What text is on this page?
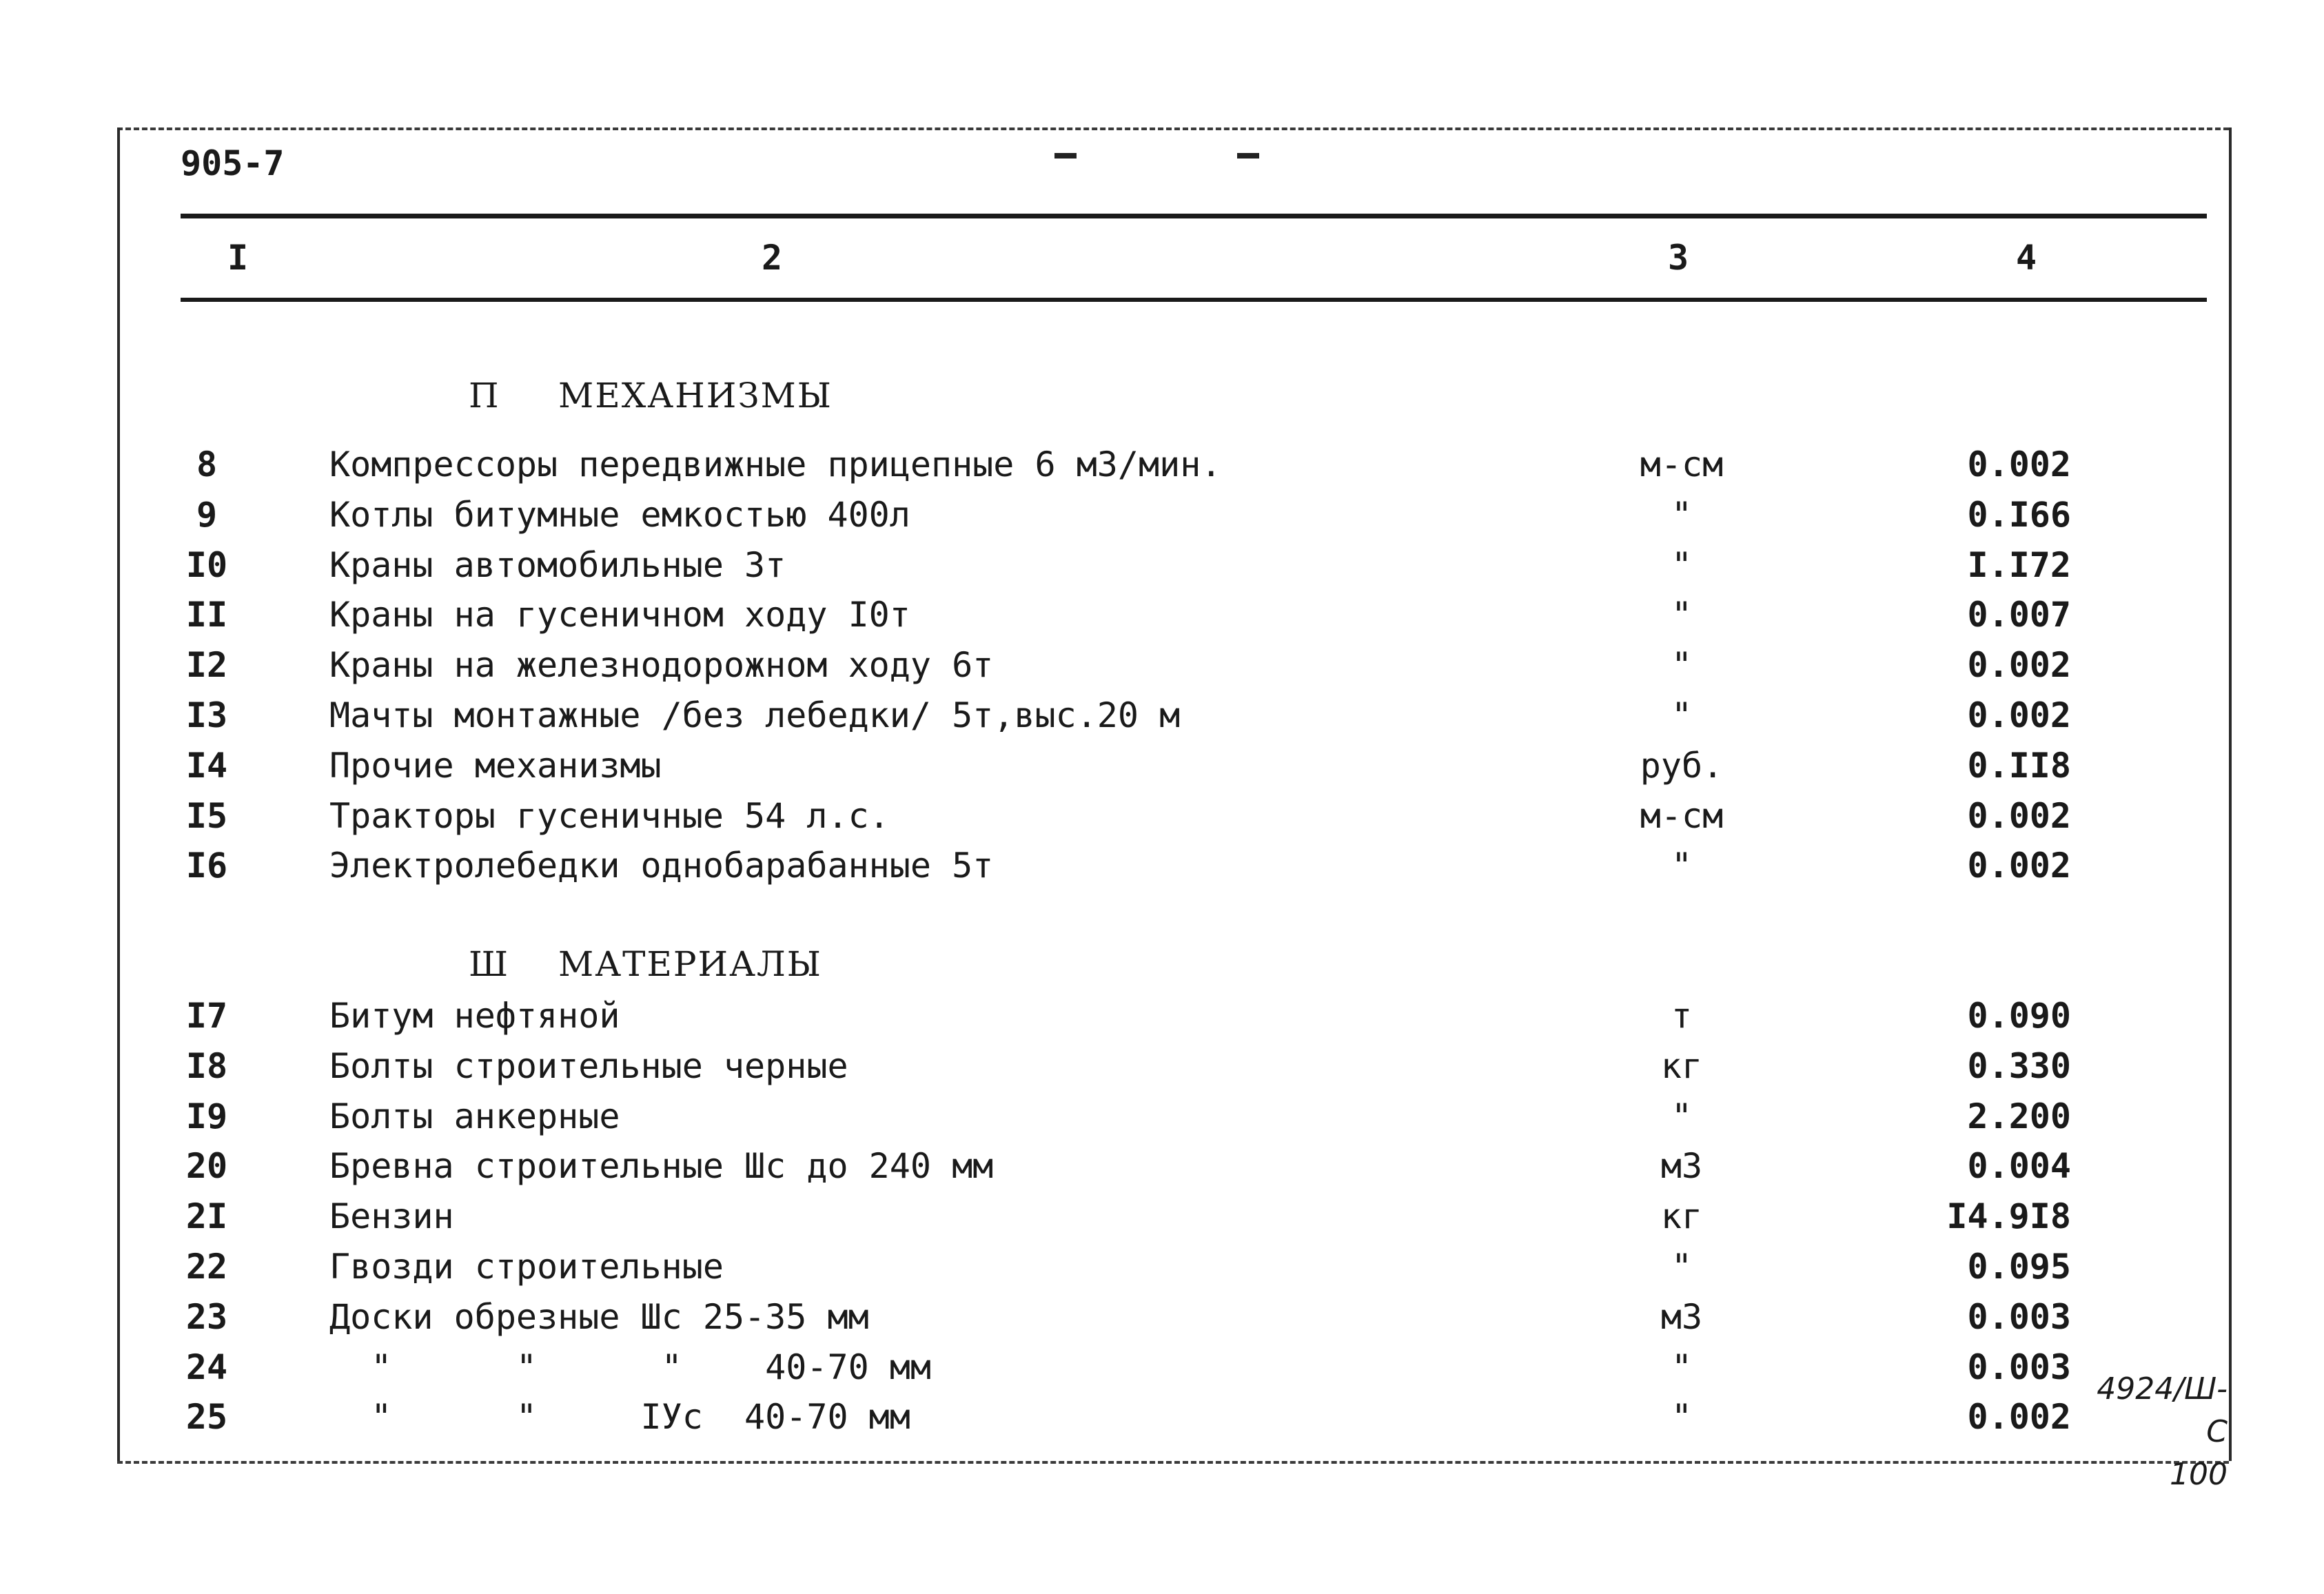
905-7
I	2	3	4
П МЕХАНИЗМЫ
8	Компрессоры передвижные прицепные 6 м3/мин.	м-см	0.002
9	Котлы битумные емкостью 400л	"	0.I66
I0	Краны автомобильные 3т	"	I.I72
II	Краны на гусеничном ходу I0т	"	0.007
I2	Краны на железнодорожном ходу 6т	"	0.002
I3	Мачты монтажные /без лебедки/ 5т,выс.20 м	"	0.002
I4	Прочие механизмы	руб.	0.II8
I5	Тракторы гусеничные 54 л.с.	м-см	0.002
I6	Электролебедки однобарабанные 5т	"	0.002
Ш МАТЕРИАЛЫ
I7	Битум нефтяной	т	0.090
I8	Болты строительные черные	кг	0.330
I9	Болты анкерные	"	2.200
20	Бревна строительные Шс до 240 мм	м3	0.004
2I	Бензин	кг	I4.9I8
22	Гвозди строительные	"	0.095
23	Доски обрезные Шс 25-35 мм	м3	0.003
24	"      "      "    40-70 мм	"	0.003
25	"      "     IУс  40-70 мм	"	0.002
4924/Ш-С
100
